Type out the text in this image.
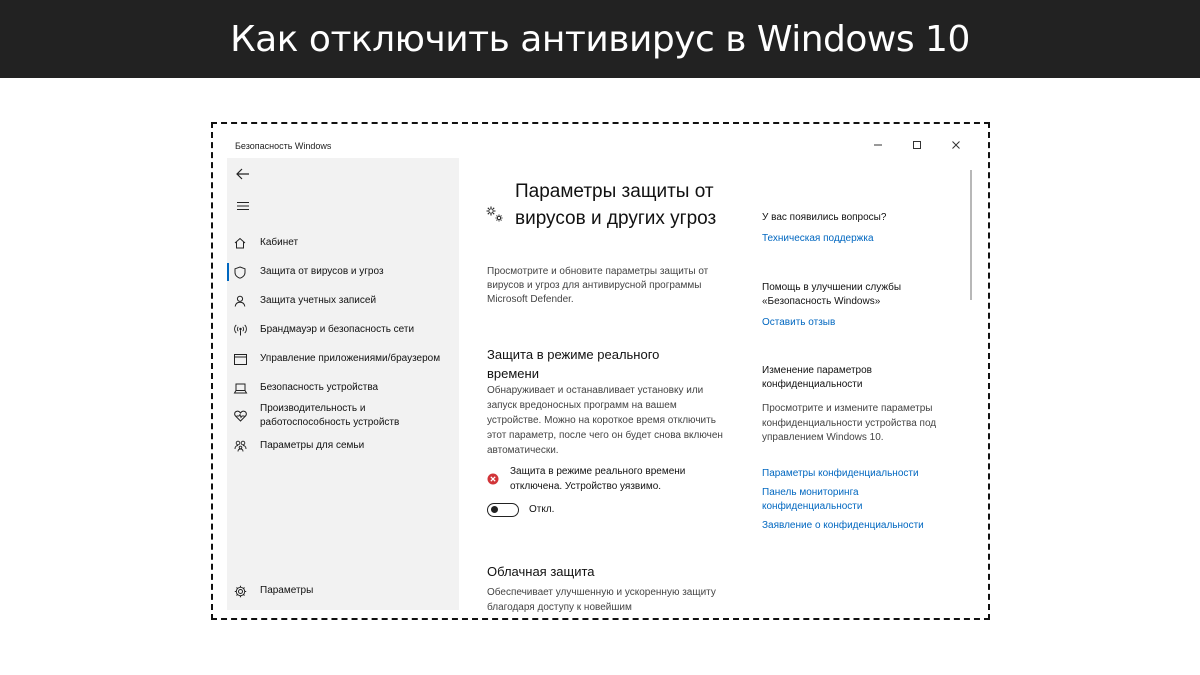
Как отключить антивирус в Windows 10
Безопасность Windows
Кабинет
Защита от вирусов и угроз
Защита учетных записей
Брандмауэр и безопасность сети
Управление приложениями/браузером
Безопасность устройства
Производительность и работоспособность устройств
Параметры для семьи
Параметры
Параметры защиты от вирусов и других угроз
Просмотрите и обновите параметры защиты от вирусов и угроз для антивирусной программы Microsoft Defender.
Защита в режиме реального времени
Обнаруживает и останавливает установку или запуск вредоносных программ на вашем устройстве. Можно на короткое время отключить этот параметр, после чего он будет снова включен автоматически.
Защита в режиме реального времени отключена. Устройство уязвимо.
Откл.
Облачная защита
Обеспечивает улучшенную и ускоренную защиту благодаря доступу к новейшим
У вас появились вопросы?
Техническая поддержка
Помощь в улучшении службы «Безопасность Windows»
Оставить отзыв
Изменение параметров конфиденциальности
Просмотрите и измените параметры конфиденциальности устройства под управлением Windows 10.
Параметры конфиденциальности
Панель мониторинга конфиденциальности
Заявление о конфиденциальности
